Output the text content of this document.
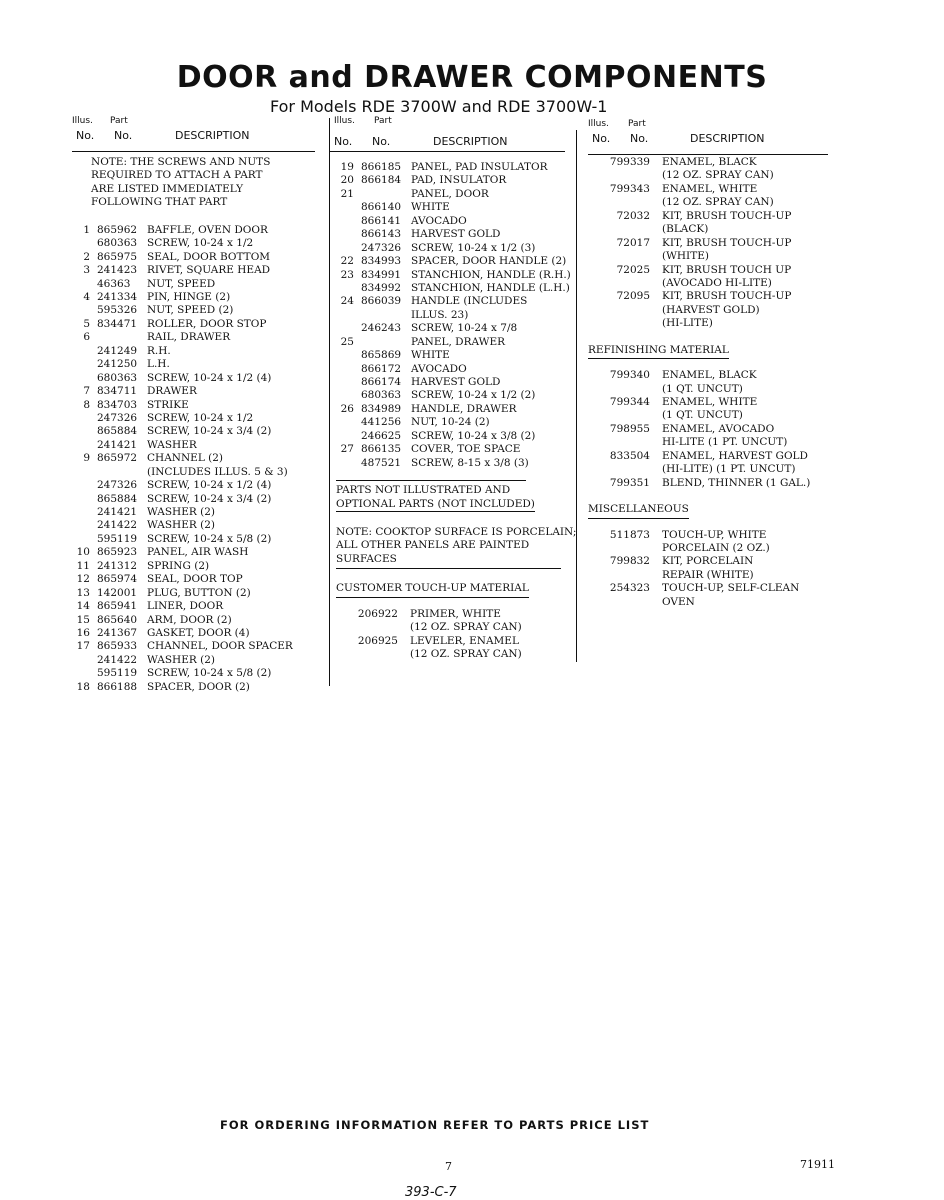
DOOR and DRAWER COMPONENTS
For Models RDE 3700W and RDE 3700W-1
Illus. Part
No. No.	DESCRIPTION
NOTE: THE SCREWS AND NUTS
REQUIRED TO ATTACH A PART
ARE LISTED IMMEDIATELY
FOLLOWING THAT PART
1 865962 BAFFLE, OVEN DOOR
680363 SCREW, 10-24 x 1/2
2 865975 SEAL, DOOR BOTTOM
3 241423 RIVET, SQUARE HEAD
46363 NUT, SPEED
4 241334 PIN, HINGE (2)
595326 NUT, SPEED (2)
5 834471 ROLLER, DOOR STOP
6	RAIL, DRAWER
241249 R.H.
241250 L.H.
680363 SCREW, 10-24 x 1/2 (4)
7 834711 DRAWER
8 834703 STRIKE
247326 SCREW, 10-24 x 1/2
865884 SCREW, 10-24 x 3/4 (2)
241421 WASHER
9 865972 CHANNEL (2)
(INCLUDES ILLUS. 5 & 3)
247326 SCREW, 10-24 x 1/2 (4)
865884 SCREW, 10-24 x 3/4 (2)
241421 WASHER (2)
241422 WASHER (2)
595119 SCREW, 10-24 x 5/8 (2)
10 865923 PANEL, AIR WASH
11 241312 SPRING (2)
12 865974 SEAL, DOOR TOP
13 142001 PLUG, BUTTON (2)
14 865941 LINER, DOOR
15 865640 ARM, DOOR (2)
16 241367 GASKET, DOOR (4)
17 865933 CHANNEL, DOOR SPACER
241422 WASHER (2)
595119 SCREW, 10-24 x 5/8 (2)
18 866188 SPACER, DOOR (2)
Illus. Part
No. No.	DESCRIPTION
19 866185 PANEL, PAD INSULATOR
20 866184 PAD, INSULATOR
21	PANEL, DOOR
866140 WHITE
866141 AVOCADO
866143 HARVEST GOLD
247326 SCREW, 10-24 x 1/2 (3)
22 834993 SPACER, DOOR HANDLE (2)
23 834991 STANCHION, HANDLE (R.H.)
834992 STANCHION, HANDLE (L.H.)
24 866039 HANDLE (INCLUDES
ILLUS. 23)
246243 SCREW, 10-24 x 7/8
25	PANEL, DRAWER
865869 WHITE
866172 AVOCADO
866174 HARVEST GOLD
680363 SCREW, 10-24 x 1/2 (2)
26 834989 HANDLE, DRAWER
441256 NUT, 10-24 (2)
246625 SCREW, 10-24 x 3/8 (2)
27 866135 COVER, TOE SPACE
487521 SCREW, 8-15 x 3/8 (3)
PARTS NOT ILLUSTRATED AND
OPTIONAL PARTS (NOT INCLUDED)
NOTE: COOKTOP SURFACE IS PORCELAIN;
ALL OTHER PANELS ARE PAINTED
SURFACES
CUSTOMER TOUCH-UP MATERIAL
206922 PRIMER, WHITE
(12 OZ. SPRAY CAN)
206925 LEVELER, ENAMEL
(12 OZ. SPRAY CAN)
Illus. Part
No. No.	DESCRIPTION
799339 ENAMEL, BLACK
(12 OZ. SPRAY CAN)
799343 ENAMEL, WHITE
(12 OZ. SPRAY CAN)
72032 KIT, BRUSH TOUCH-UP
(BLACK)
72017 KIT, BRUSH TOUCH-UP
(WHITE)
72025 KIT, BRUSH TOUCH UP
(AVOCADO HI-LITE)
72095 KIT, BRUSH TOUCH-UP
(HARVEST GOLD)
(HI-LITE)
REFINISHING MATERIAL
799340 ENAMEL, BLACK
(1 QT. UNCUT)
799344 ENAMEL, WHITE
(1 QT. UNCUT)
798955 ENAMEL, AVOCADO
HI-LITE (1 PT. UNCUT)
833504 ENAMEL, HARVEST GOLD
(HI-LITE) (1 PT. UNCUT)
799351 BLEND, THINNER (1 GAL.)
MISCELLANEOUS
511873 TOUCH-UP, WHITE
PORCELAIN (2 OZ.)
799832 KIT, PORCELAIN
REPAIR (WHITE)
254323 TOUCH-UP, SELF-CLEAN
OVEN
FOR ORDERING INFORMATION REFER TO PARTS PRICE LIST
7	71911
393-C-7
